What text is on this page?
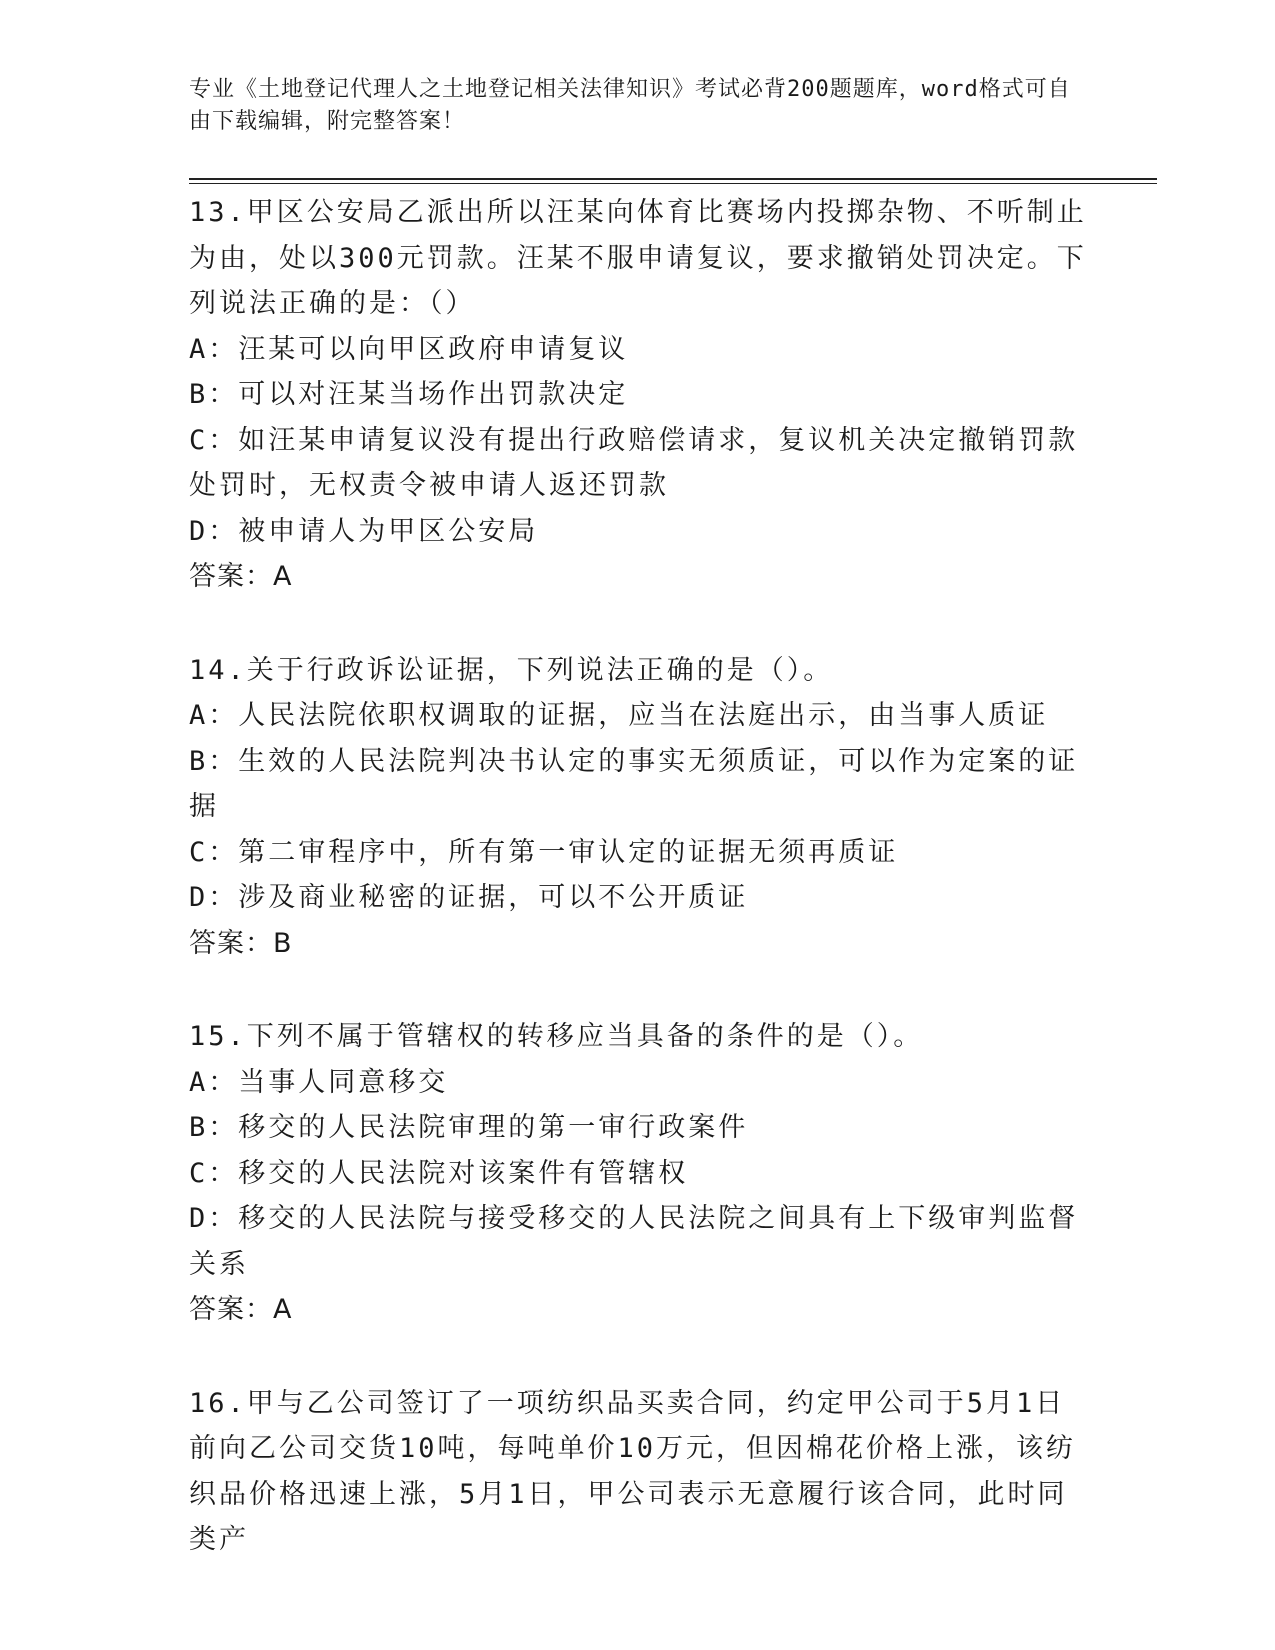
专业《土地登记代理人之土地登记相关法律知识》考试必背200题题库，word格式可自由下载编辑，附完整答案！
13.甲区公安局乙派出所以汪某向体育比赛场内投掷杂物、不听制止为由，处以300元罚款。汪某不服申请复议，要求撤销处罚决定。下列说法正确的是：（）
A：汪某可以向甲区政府申请复议
B：可以对汪某当场作出罚款决定
C：如汪某申请复议没有提出行政赔偿请求，复议机关决定撤销罚款处罚时，无权责令被申请人返还罚款
D：被申请人为甲区公安局
答案：A
14.关于行政诉讼证据，下列说法正确的是（）。
A：人民法院依职权调取的证据，应当在法庭出示，由当事人质证
B：生效的人民法院判决书认定的事实无须质证，可以作为定案的证据
C：第二审程序中，所有第一审认定的证据无须再质证
D：涉及商业秘密的证据，可以不公开质证
答案：B
15.下列不属于管辖权的转移应当具备的条件的是（）。
A：当事人同意移交
B：移交的人民法院审理的第一审行政案件
C：移交的人民法院对该案件有管辖权
D：移交的人民法院与接受移交的人民法院之间具有上下级审判监督关系
答案：A
16.甲与乙公司签订了一项纺织品买卖合同，约定甲公司于5月1日前向乙公司交货10吨，每吨单价10万元，但因棉花价格上涨，该纺织品价格迅速上涨，5月1日，甲公司表示无意履行该合同，此时同类产
